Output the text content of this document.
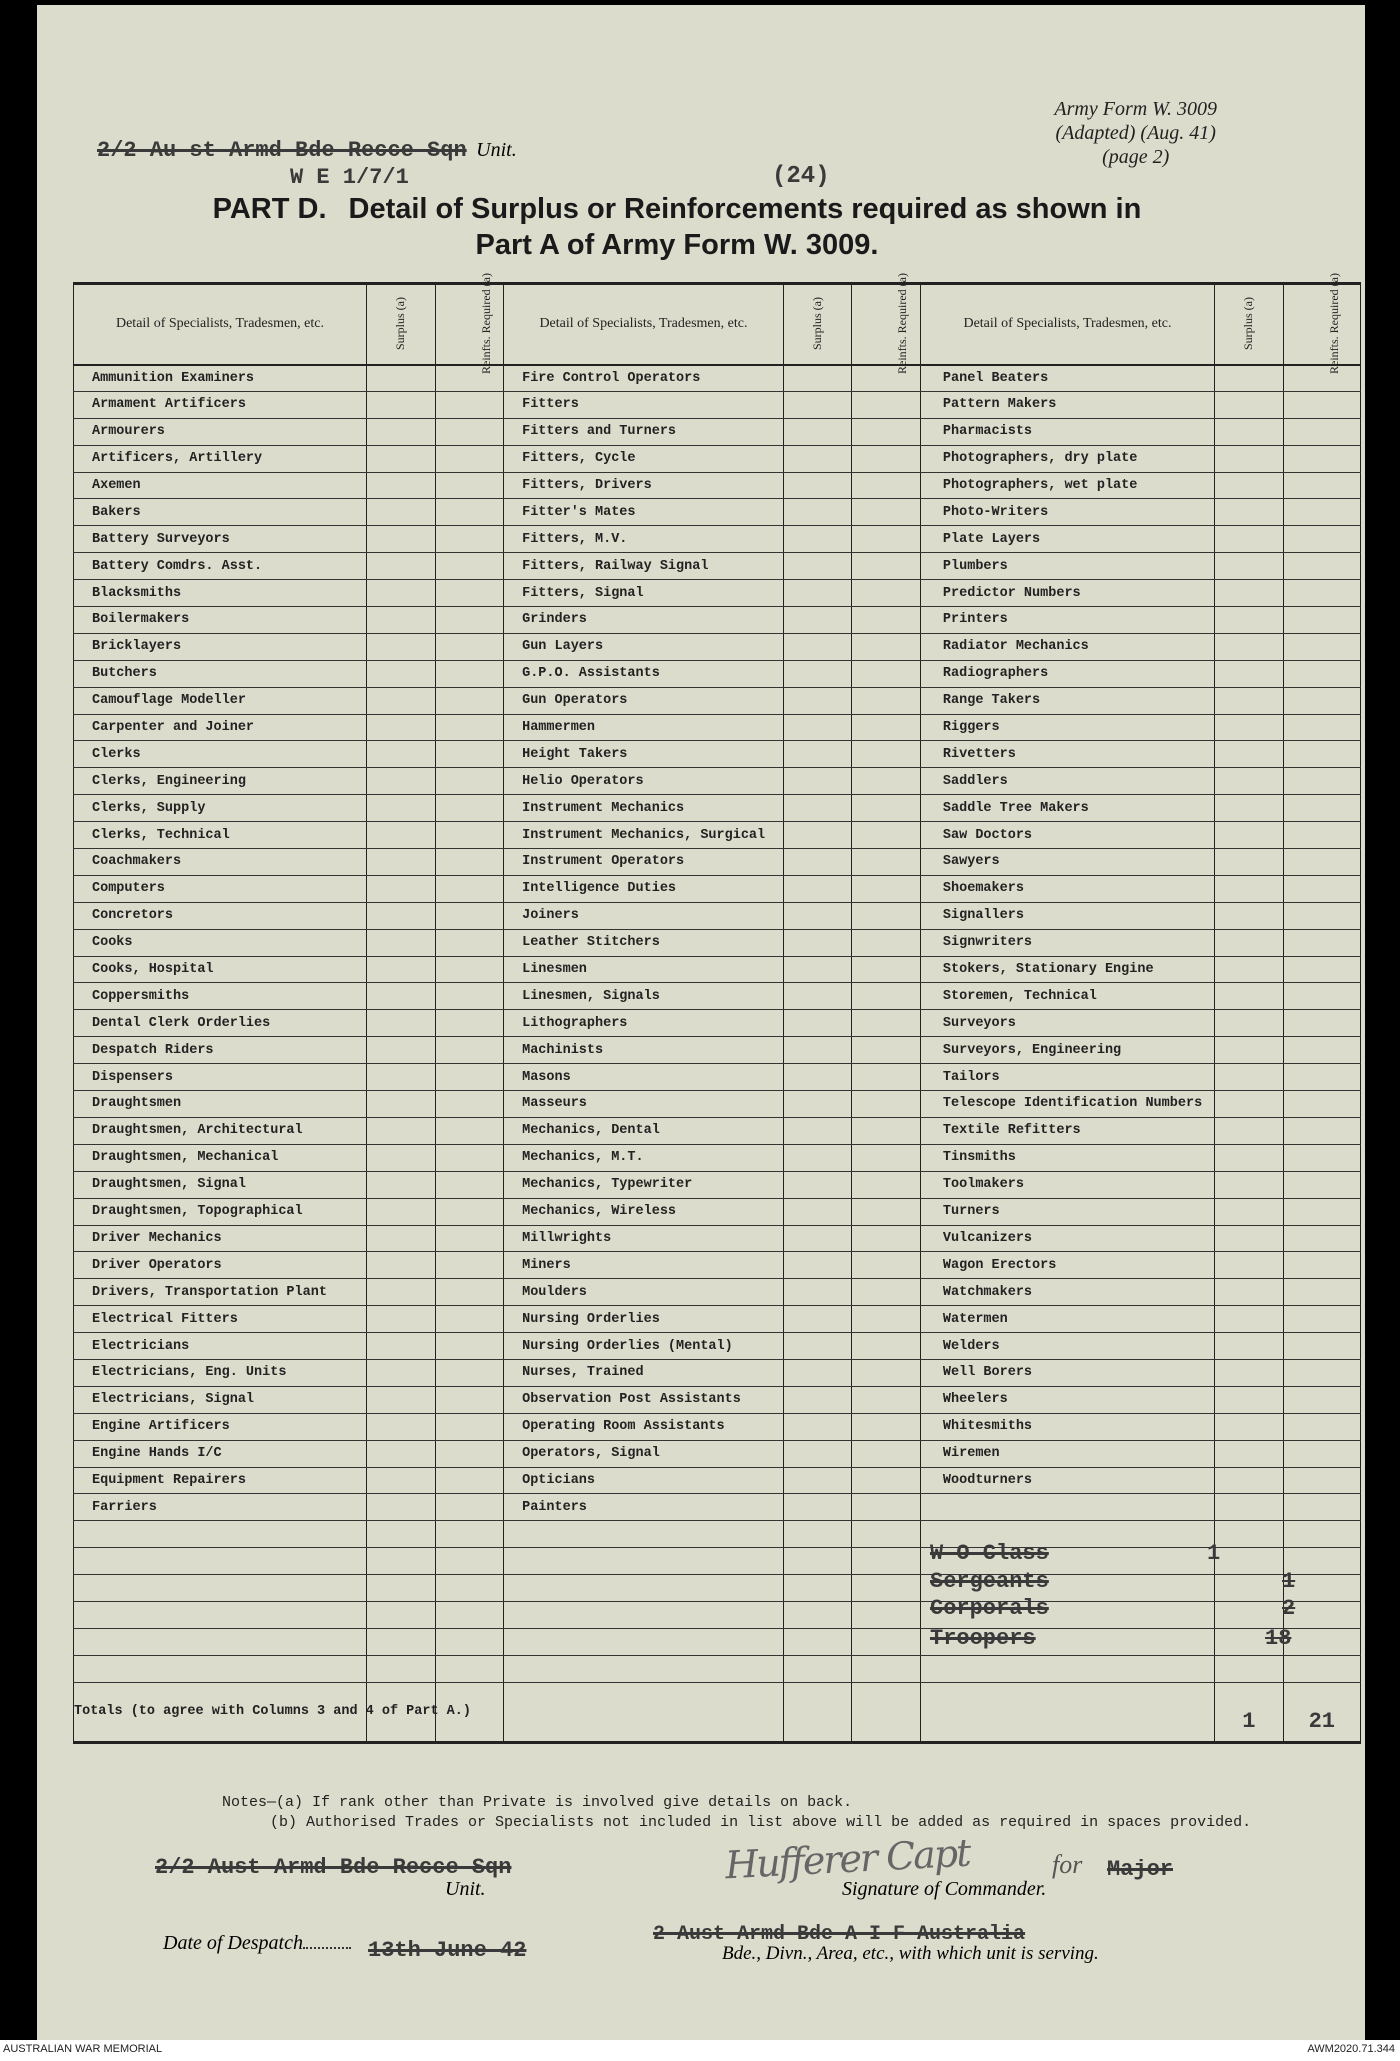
Army Form W. 3009
(Adapted) (Aug. 41)
(page 2)
2/2 Au st Armd Bde Recce Sqn Unit.
W E 1/7/1	(24)
PART D. Detail of Surplus or Reinforcements required as shown in
Part A of Army Form W. 3009.
Detail of Specialists, Tradesmen, etc.	Surplus (a)	Reinfts. Required (a)	Detail of Specialists, Tradesmen, etc.	Surplus (a)	Reinfts. Required (a)	Detail of Specialists, Tradesmen, etc.	Surplus (a)	Reinfts. Required (a)
Ammunition Examiners			Fire Control Operators			Panel Beaters		
Armament Artificers			Fitters			Pattern Makers		
Armourers			Fitters and Turners			Pharmacists		
Artificers, Artillery			Fitters, Cycle			Photographers, dry plate		
Axemen			Fitters, Drivers			Photographers, wet plate		
Bakers			Fitter's Mates			Photo-Writers		
Battery Surveyors			Fitters, M.V.			Plate Layers		
Battery Comdrs. Asst.			Fitters, Railway Signal			Plumbers		
Blacksmiths			Fitters, Signal			Predictor Numbers		
Boilermakers			Grinders			Printers		
Bricklayers			Gun Layers			Radiator Mechanics		
Butchers			G.P.O. Assistants			Radiographers		
Camouflage Modeller			Gun Operators			Range Takers		
Carpenter and Joiner			Hammermen			Riggers		
Clerks			Height Takers			Rivetters		
Clerks, Engineering			Helio Operators			Saddlers		
Clerks, Supply			Instrument Mechanics			Saddle Tree Makers		
Clerks, Technical			Instrument Mechanics, Surgical			Saw Doctors		
Coachmakers			Instrument Operators			Sawyers		
Computers			Intelligence Duties			Shoemakers		
Concretors			Joiners			Signallers		
Cooks			Leather Stitchers			Signwriters		
Cooks, Hospital			Linesmen			Stokers, Stationary Engine		
Coppersmiths			Linesmen, Signals			Storemen, Technical		
Dental Clerk Orderlies			Lithographers			Surveyors		
Despatch Riders			Machinists			Surveyors, Engineering		
Dispensers			Masons			Tailors		
Draughtsmen			Masseurs			Telescope Identification Numbers		
Draughtsmen, Architectural			Mechanics, Dental			Textile Refitters		
Draughtsmen, Mechanical			Mechanics, M.T.			Tinsmiths		
Draughtsmen, Signal			Mechanics, Typewriter			Toolmakers		
Draughtsmen, Topographical			Mechanics, Wireless			Turners		
Driver Mechanics			Millwrights			Vulcanizers		
Driver Operators			Miners			Wagon Erectors		
Drivers, Transportation Plant			Moulders			Watchmakers		
Electrical Fitters			Nursing Orderlies			Watermen		
Electricians			Nursing Orderlies (Mental)			Welders		
Electricians, Eng. Units			Nurses, Trained			Well Borers		
Electricians, Signal			Observation Post Assistants			Wheelers		
Engine Artificers			Operating Room Assistants			Whitesmiths		
Engine Hands I/C			Operators, Signal			Wiremen		
Equipment Repairers			Opticians			Woodturners		
Farriers			Painters					

Totals (to agree with Columns 3 and 4 of Part A.)							1	21
W O Class	1
Sergeants	1
Corporals	2
Troopers	18
Notes—(a) If rank other than Private is involved give details on back.
(b) Authorised Trades or Specialists not included in list above will be added as required in spaces provided.
2/2 Aust Armd Bde Recce Sqn
Unit.
Hufferer Capt	for Major
Signature of Commander.
Date of Despatch	13th June 42
2 Aust Armd Bde A I F Australia
Bde., Divn., Area, etc., with which unit is serving.
AUSTRALIAN WAR MEMORIAL	AWM2020.71.344
